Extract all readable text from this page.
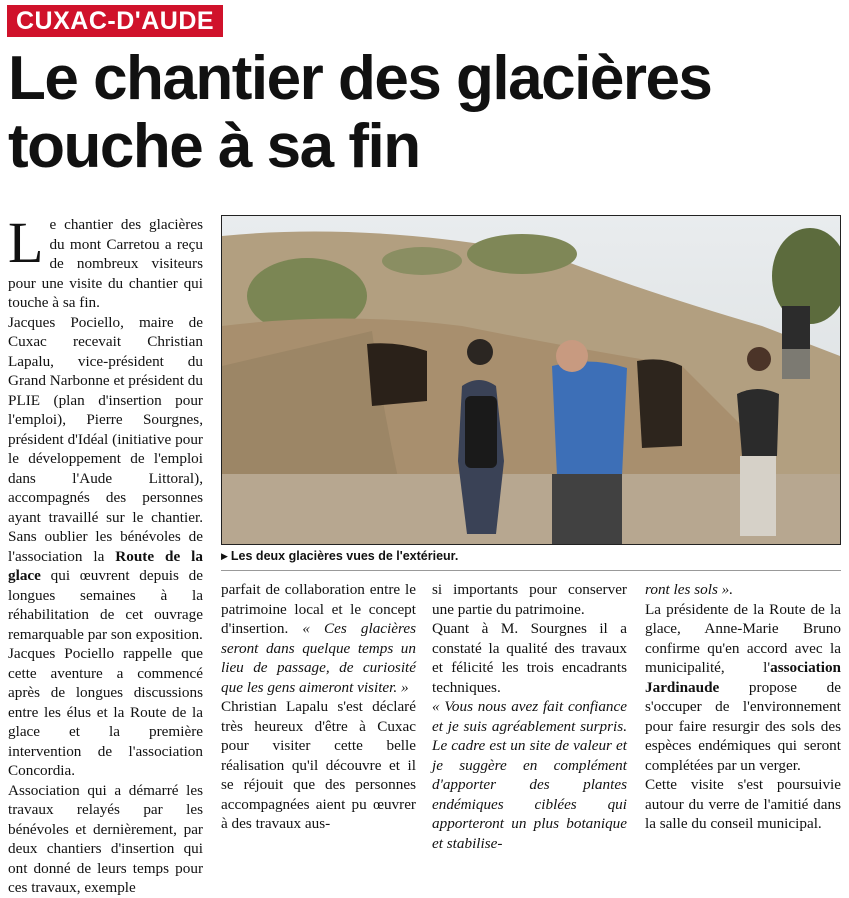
CUXAC-D'AUDE
Le chantier des glacières touche à sa fin

Le chantier des glacières du mont Carretou a reçu de nombreux visiteurs pour une visite du chantier qui touche à sa fin.

Jacques Pociello, maire de Cuxac recevait Christian Lapalu, vice-président du Grand Narbonne et président du PLIE (plan d'insertion pour l'emploi), Pierre Sourgnes, président d'Idéal (initiative pour le développement de l'emploi dans l'Aude Littoral), accompagnés des personnes ayant travaillé sur le chantier. Sans oublier les bénévoles de l'association la Route de la glace qui œuvrent depuis de longues semaines à la réhabilitation de cet ouvrage remarquable par son exposition.

Jacques Pociello rappelle que cette aventure a commencé après de longues discussions entre les élus et la Route de la glace et la première intervention de l'association Concordia.

Association qui a démarré les travaux relayés par les bénévoles et dernièrement, par deux chantiers d'insertion qui ont donné de leurs temps pour ces travaux, exemple

▶ Les deux glacières vues de l'extérieur.

parfait de collaboration entre le patrimoine local et le concept d'insertion. « Ces glacières seront dans quelque temps un lieu de passage, de curiosité que les gens aimeront visiter. »

Christian Lapalu s'est déclaré très heureux d'être à Cuxac pour visiter cette belle réalisation qu'il découvre et il se réjouit que des personnes accompagnées aient pu œuvrer à des travaux aus-

si importants pour conserver une partie du patrimoine.

Quant à M. Sourgnes il a constaté la qualité des travaux et félicité les trois encadrants techniques.

« Vous nous avez fait confiance et je suis agréablement surpris. Le cadre est un site de valeur et je suggère en complément d'apporter des plantes endémiques ciblées qui apporteront un plus botanique et stabilise-

ront les sols ».

La présidente de la Route de la glace, Anne-Marie Bruno confirme qu'en accord avec la municipalité, l'association Jardinaude propose de s'occuper de l'environnement pour faire resurgir des sols des espèces endémiques qui seront complétées par un verger.

Cette visite s'est poursuivie autour du verre de l'amitié dans la salle du conseil municipal.
